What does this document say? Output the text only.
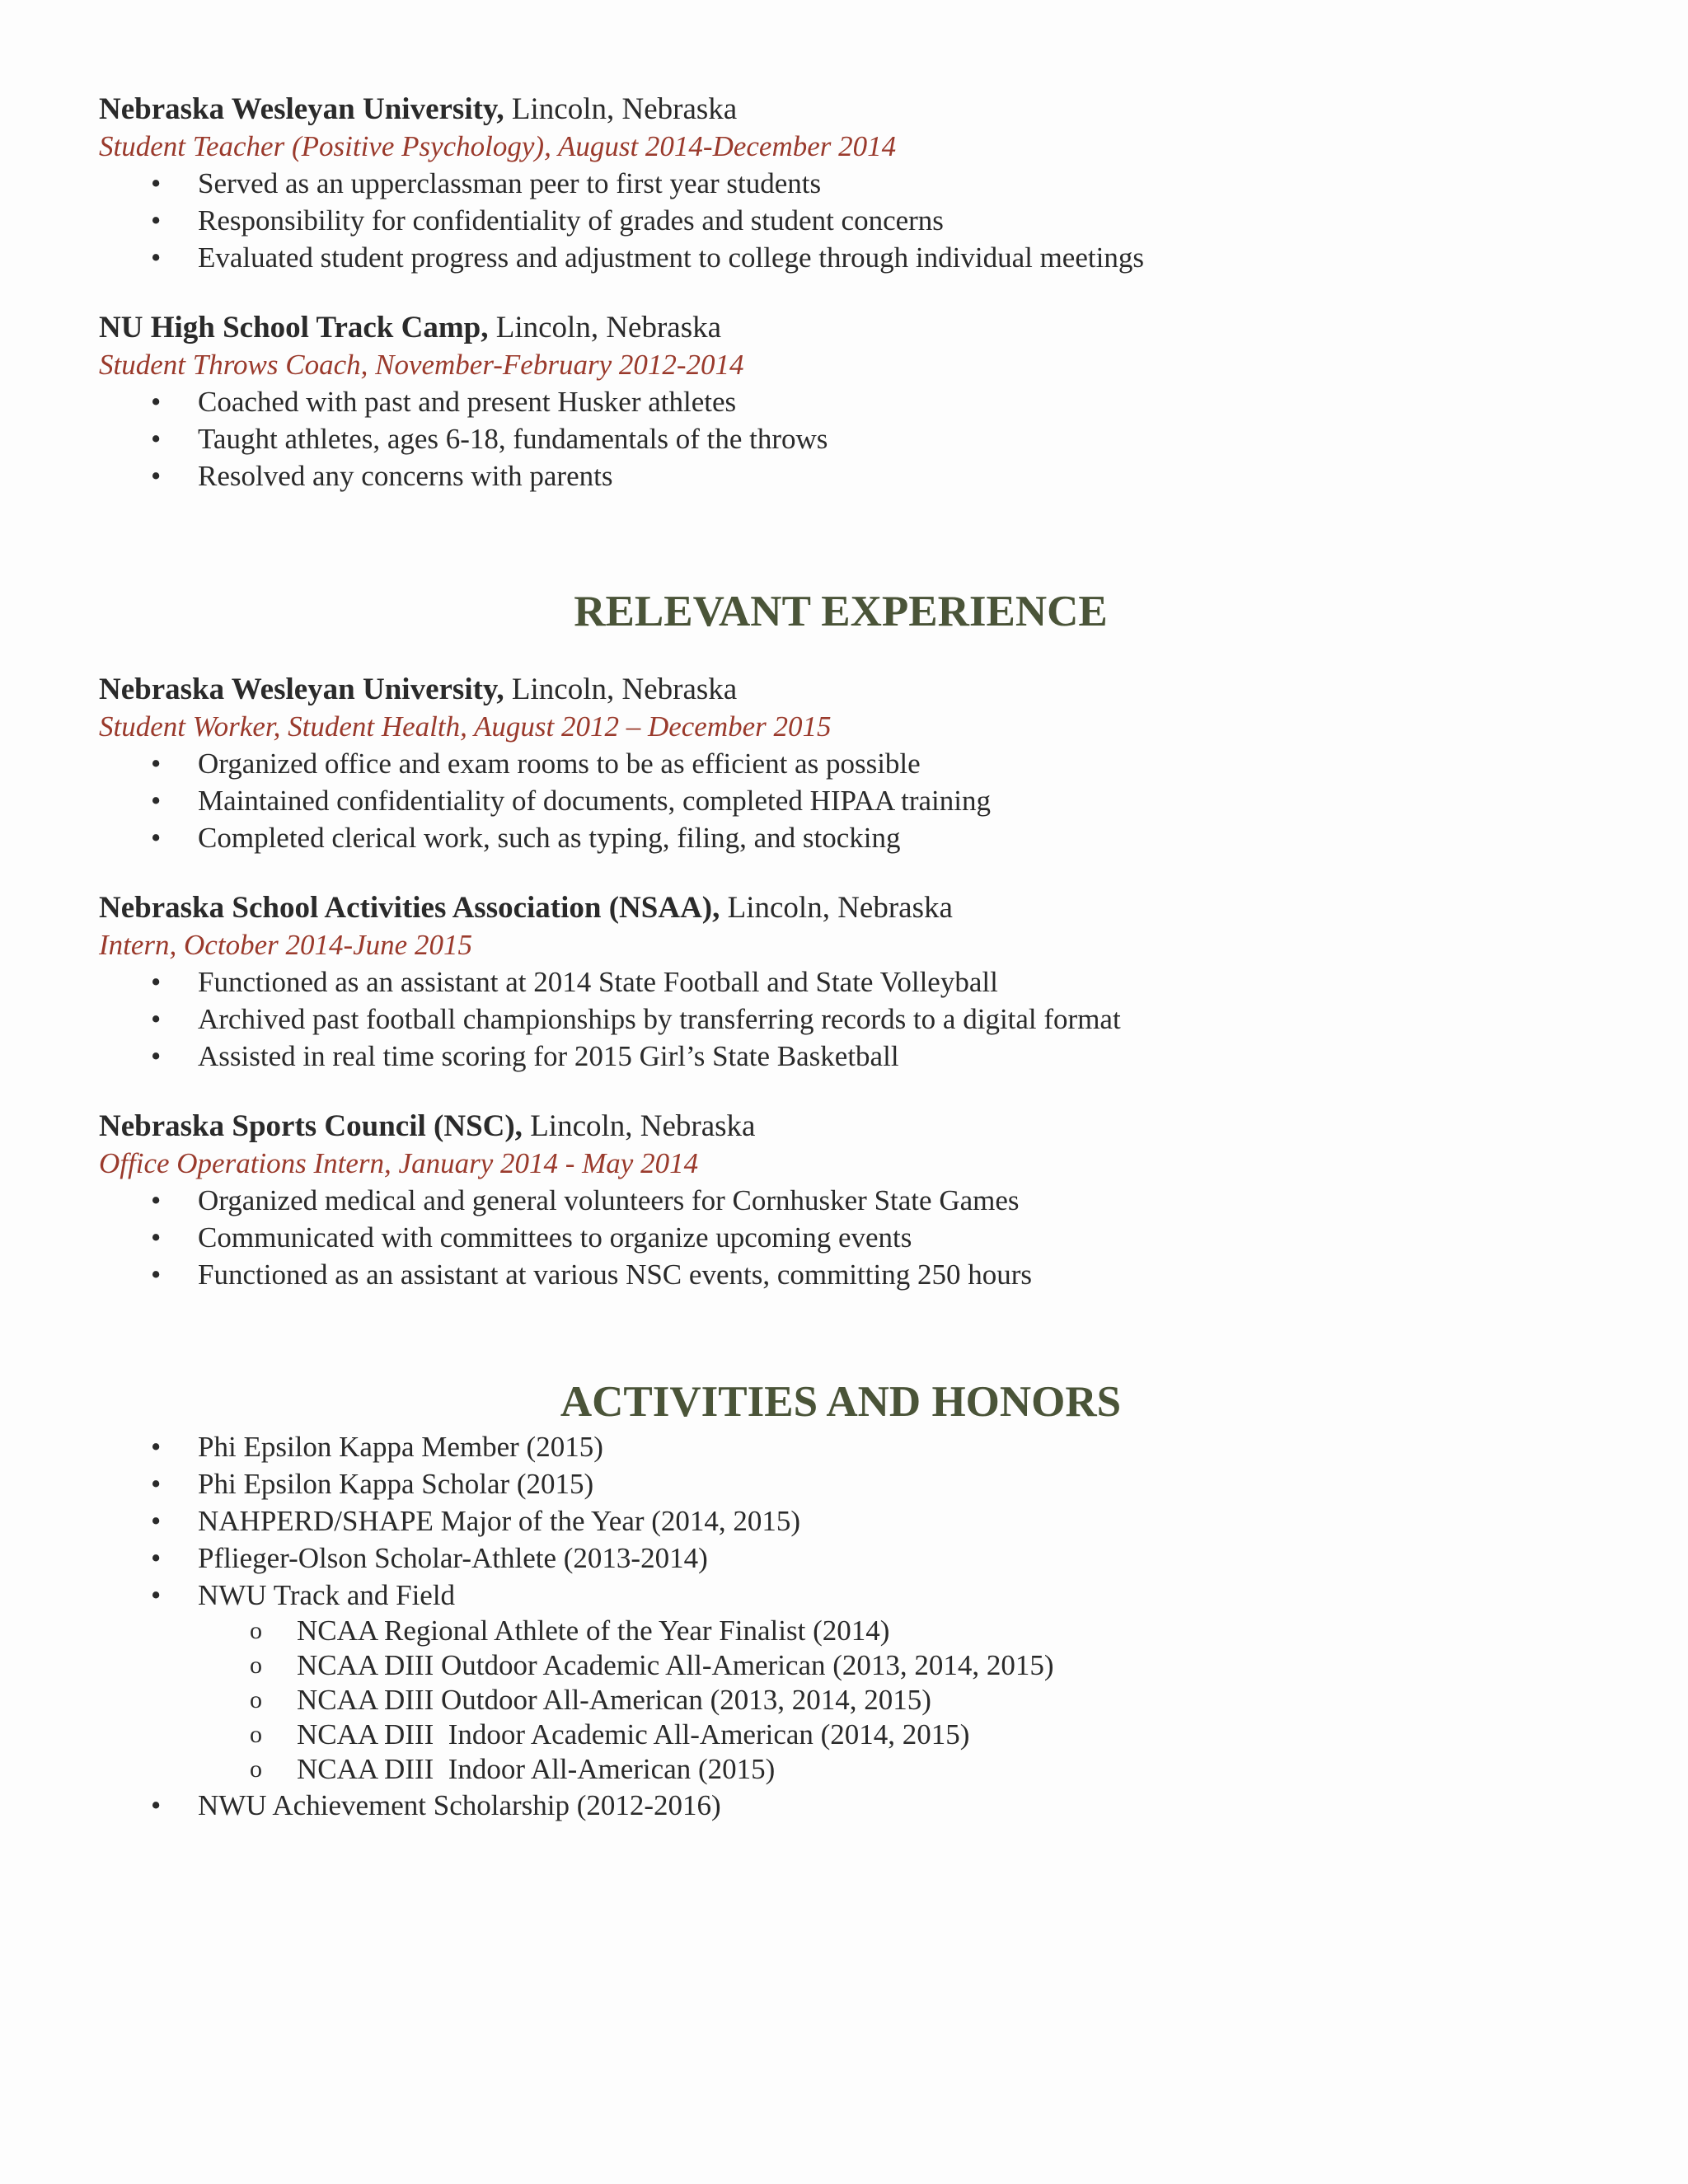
Nebraska Wesleyan University, Lincoln, Nebraska

Student Teacher (Positive Psychology), August 2014-December 2014

• Served as an upperclassman peer to first year students
• Responsibility for confidentiality of grades and student concerns
• Evaluated student progress and adjustment to college through individual meetings

NU High School Track Camp, Lincoln, Nebraska

Student Throws Coach, November-February 2012-2014

• Coached with past and present Husker athletes
• Taught athletes, ages 6-18, fundamentals of the throws
• Resolved any concerns with parents
RELEVANT EXPERIENCE

Nebraska Wesleyan University, Lincoln, Nebraska

Student Worker, Student Health, August 2012 – December 2015

• Organized office and exam rooms to be as efficient as possible
• Maintained confidentiality of documents, completed HIPAA training
• Completed clerical work, such as typing, filing, and stocking

Nebraska School Activities Association (NSAA), Lincoln, Nebraska

Intern, October 2014-June 2015

• Functioned as an assistant at 2014 State Football and State Volleyball
• Archived past football championships by transferring records to a digital format
• Assisted in real time scoring for 2015 Girl’s State Basketball

Nebraska Sports Council (NSC), Lincoln, Nebraska

Office Operations Intern, January 2014 - May 2014

• Organized medical and general volunteers for Cornhusker State Games
• Communicated with committees to organize upcoming events
• Functioned as an assistant at various NSC events, committing 250 hours
ACTIVITIES AND HONORS
• Phi Epsilon Kappa Member (2015)
• Phi Epsilon Kappa Scholar (2015)
• NAHPERD/SHAPE Major of the Year (2014, 2015)
• Pflieger-Olson Scholar-Athlete (2013-2014)
• NWU Track and Field
o NCAA Regional Athlete of the Year Finalist (2014)
o NCAA DIII Outdoor Academic All-American (2013, 2014, 2015)
o NCAA DIII Outdoor All-American (2013, 2014, 2015)
o NCAA DIII  Indoor Academic All-American (2014, 2015)
o NCAA DIII  Indoor All-American (2015)
• NWU Achievement Scholarship (2012-2016)
